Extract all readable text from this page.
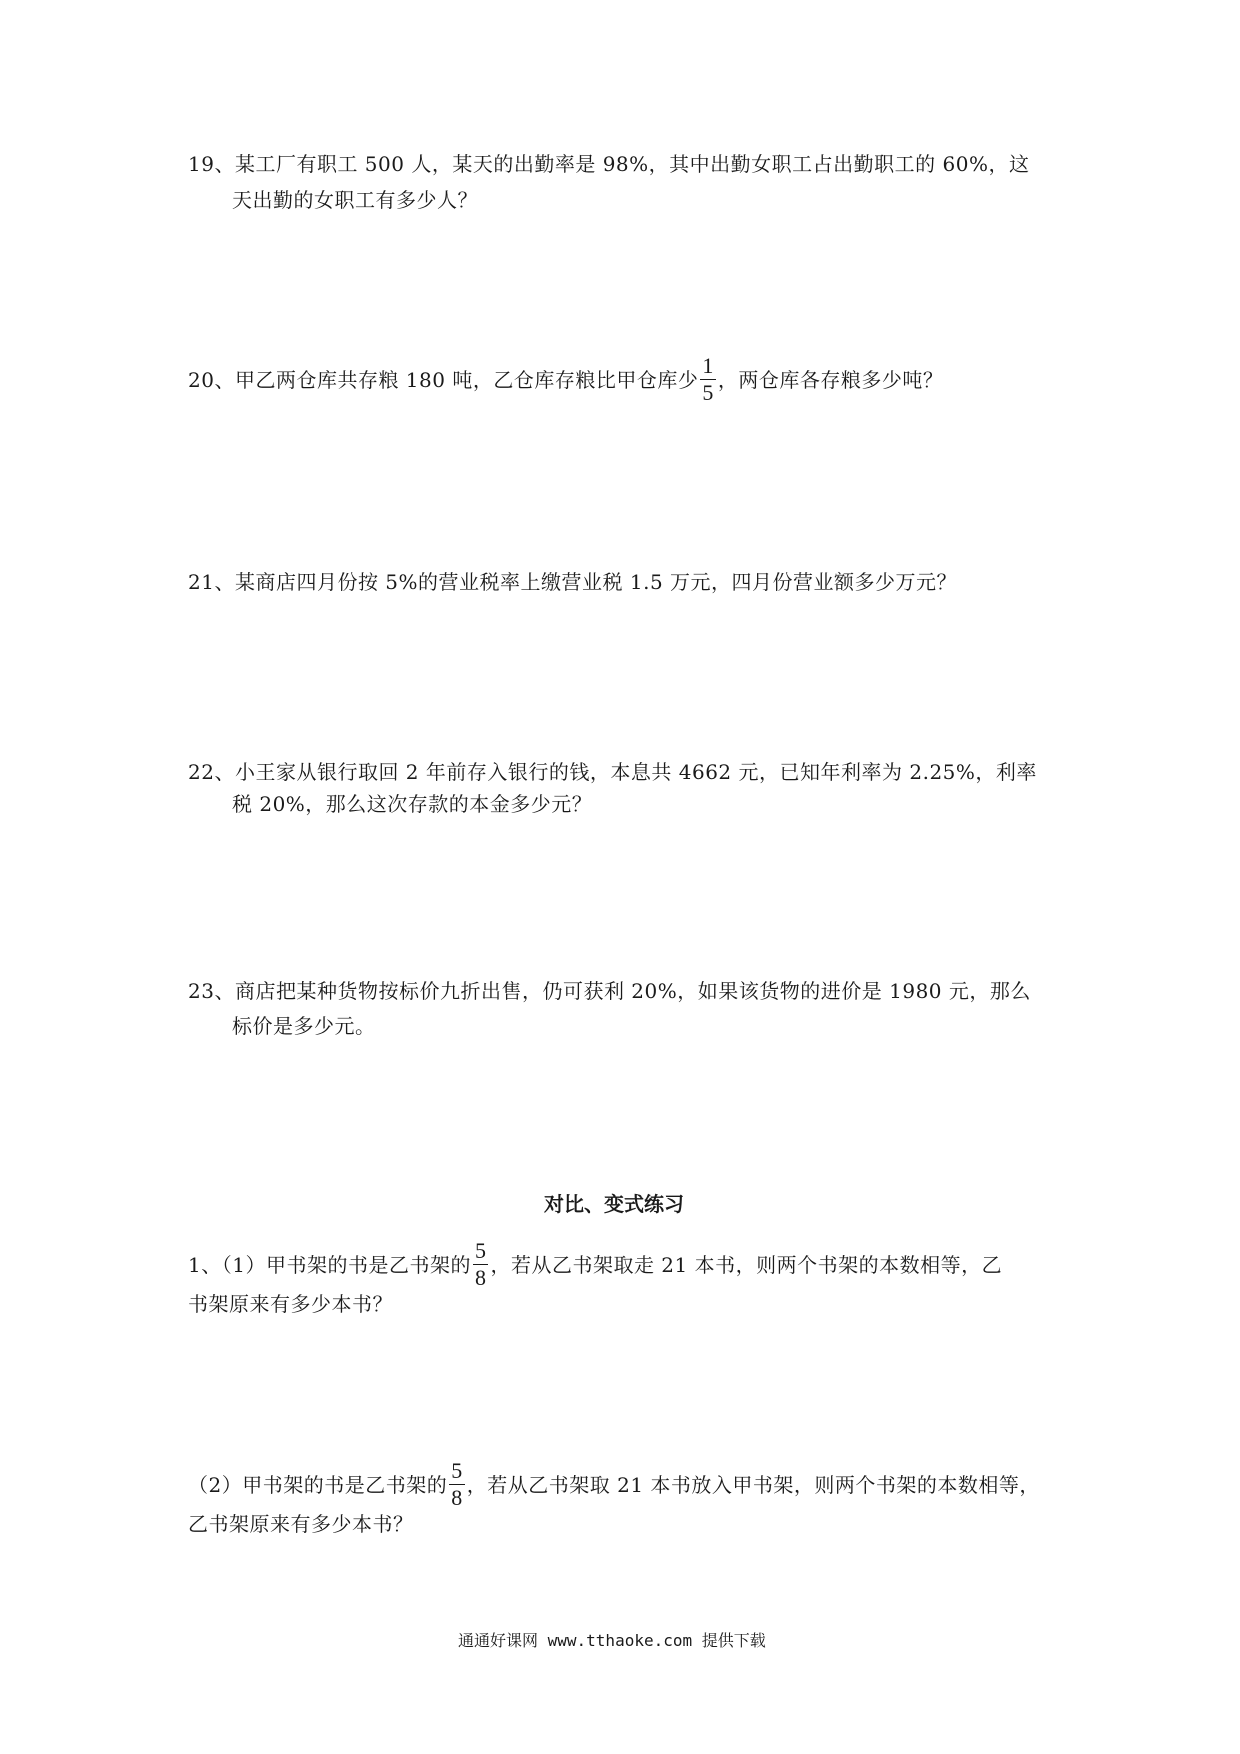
19、某工厂有职工 500 人，某天的出勤率是 98%，其中出勤女职工占出勤职工的 60%，这
天出勤的女职工有多少人？
20、甲乙两仓库共存粮 180 吨，乙仓库存粮比甲仓库少 $\frac{1}{5}$ ，两仓库各存粮多少吨？
21、某商店四月份按 5%的营业税率上缴营业税 1.5 万元，四月份营业额多少万元？
22、小王家从银行取回 2 年前存入银行的钱，本息共 4662 元，已知年利率为 2.25%，利率
税 20%，那么这次存款的本金多少元？
23、商店把某种货物按标价九折出售，仍可获利 20%，如果该货物的进价是 1980 元，那么
标价是多少元。
对比、变式练习
1、（1）甲书架的书是乙书架的 $\frac{5}{8}$ ，若从乙书架取走 21 本书，则两个书架的本数相等，乙
书架原来有多少本书？
（2）甲书架的书是乙书架的 $\frac{5}{8}$ ，若从乙书架取 21 本书放入甲书架，则两个书架的本数相等，
乙书架原来有多少本书？
通通好课网 www.tthaoke.com 提供下载
